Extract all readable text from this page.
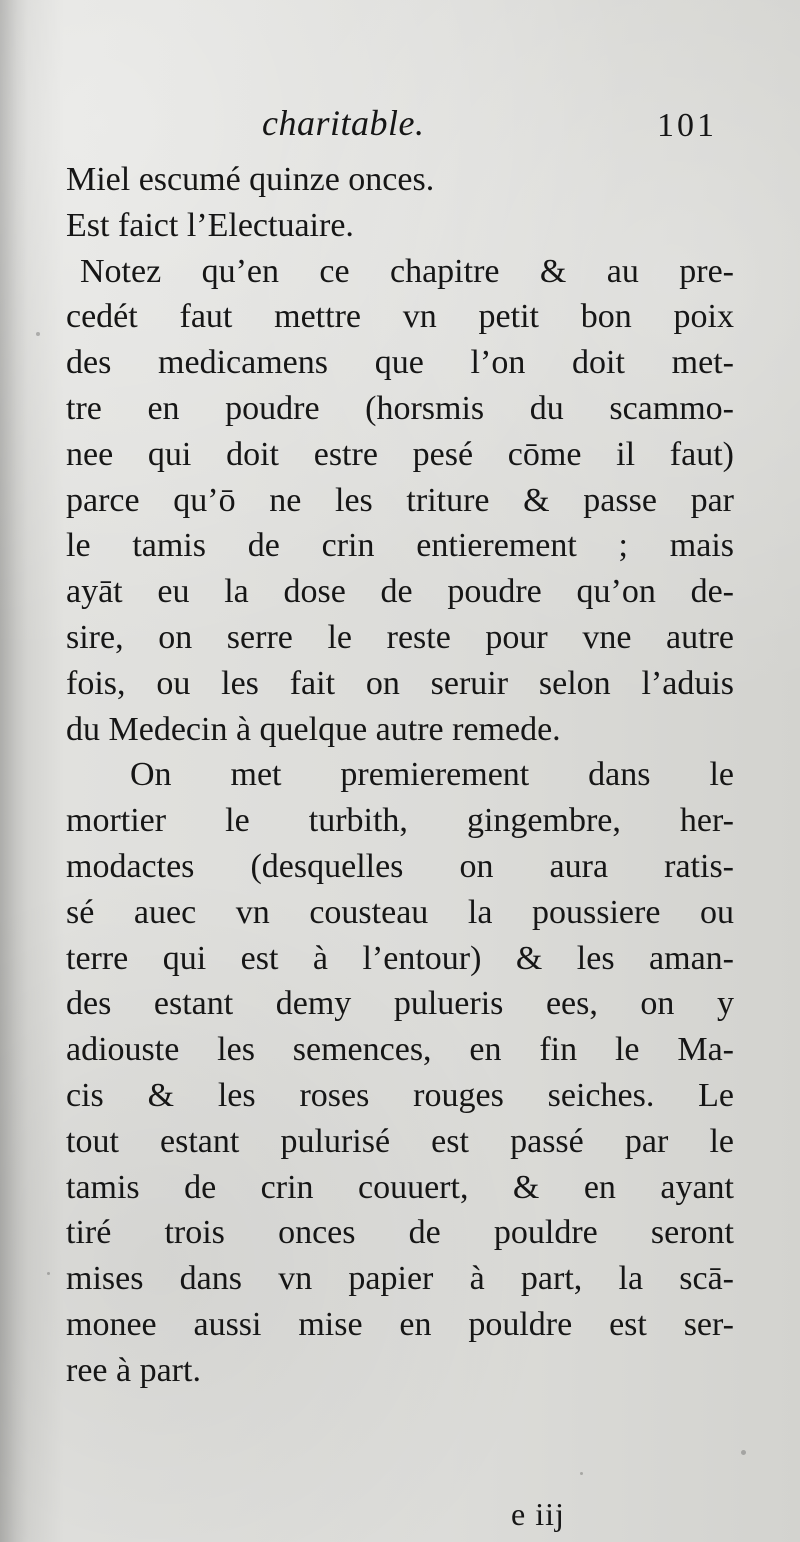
charitable.	101
Miel escumé quinze onces.
Est faict l’Electuaire.
Notez qu’en ce chapitre & au pre-
cedét faut mettre vn petit bon poix
des medicamens que l’on doit met-
tre en poudre (horsmis du scammo-
nee qui doit estre pesé cōme il faut)
parce qu’ō ne les triture & passe par
le tamis de crin entierement ; mais
ayāt eu la dose de poudre qu’on de-
sire, on serre le reste pour vne autre
fois, ou les fait on seruir selon l’aduis
du Medecin à quelque autre remede.
On met premierement dans le
mortier le turbith, gingembre, her-
modactes (desquelles on aura ratis-
sé auec vn cousteau la poussiere ou
terre qui est à l’entour) & les aman-
des estant demy pulueris ees, on y
adiouste les semences, en fin le Ma-
cis & les roses rouges seiches. Le
tout estant pulurisé est passé par le
tamis de crin couuert, & en ayant
tiré trois onces de pouldre seront
mises dans vn papier à part, la scā-
monee aussi mise en pouldre est ser-
ree à part.
e iij
